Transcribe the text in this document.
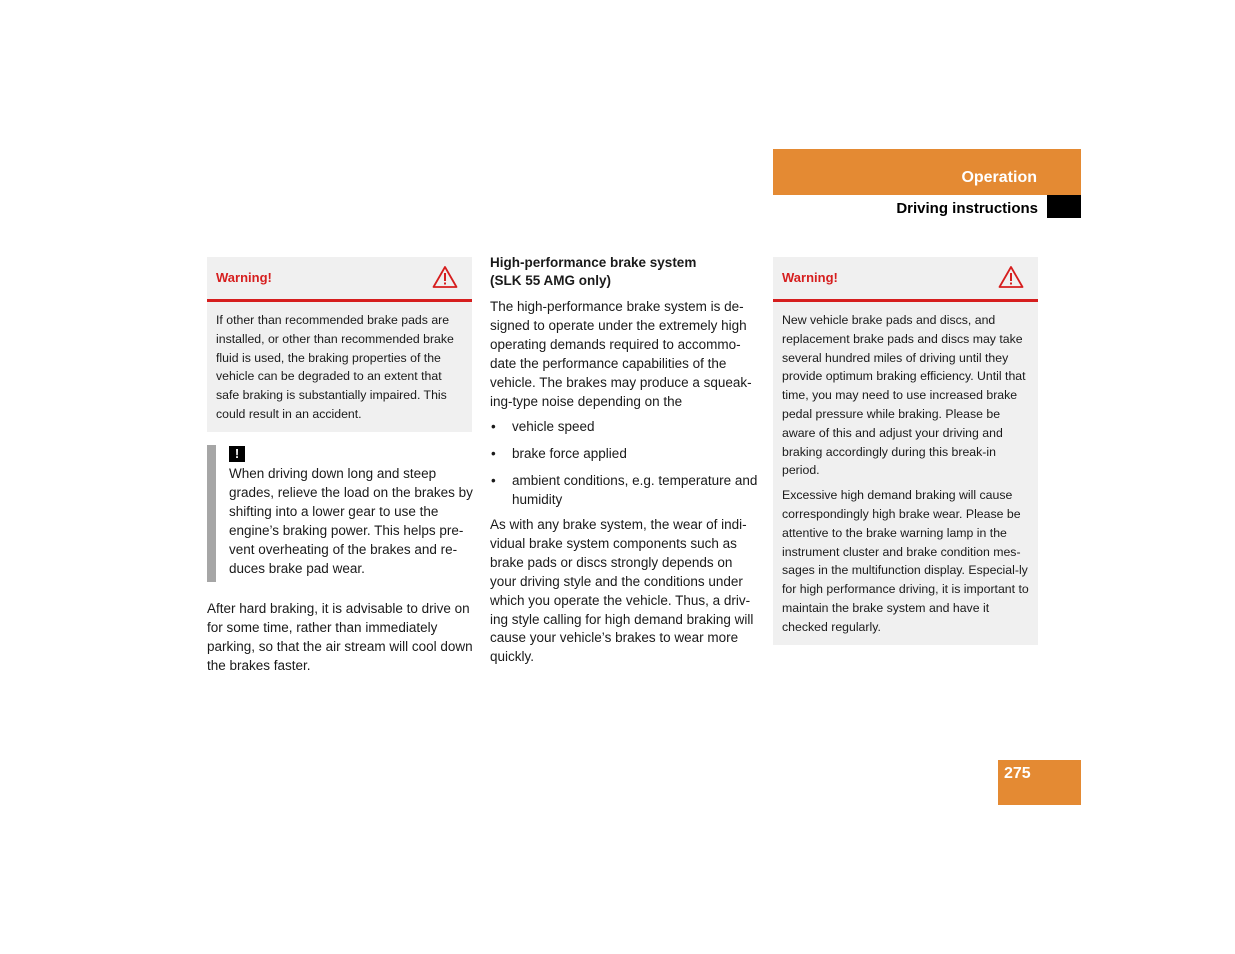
Operation
Driving instructions
Warning!

If other than recommended brake pads are installed, or other than recommended brake fluid is used, the braking properties of the vehicle can be degraded to an extent that safe braking is substantially impaired. This could result in an accident.

!
When driving down long and steep grades, relieve the load on the brakes by shifting into a lower gear to use the engine’s braking power. This helps pre-vent overheating of the brakes and re-duces brake pad wear.
After hard braking, it is advisable to drive on for some time, rather than immediately parking, so that the air stream will cool down the brakes faster.
High-performance brake system
(SLK 55 AMG only)
The high-performance brake system is de-signed to operate under the extremely high operating demands required to accommo-date the performance capabilities of the vehicle. The brakes may produce a squeak-ing-type noise depending on the
• vehicle speed
• brake force applied
• ambient conditions, e.g. temperature and humidity
As with any brake system, the wear of indi-vidual brake system components such as brake pads or discs strongly depends on your driving style and the conditions under which you operate the vehicle. Thus, a driv-ing style calling for high demand braking will cause your vehicle’s brakes to wear more quickly.
Warning!

New vehicle brake pads and discs, and replacement brake pads and discs may take several hundred miles of driving until they provide optimum braking efficiency. Until that time, you may need to use increased brake pedal pressure while braking. Please be aware of this and adjust your driving and braking accordingly during this break-in period.

Excessive high demand braking will cause correspondingly high brake wear. Please be attentive to the brake warning lamp in the instrument cluster and brake condition mes-sages in the multifunction display. Especial-ly for high performance driving, it is important to maintain the brake system and have it checked regularly.

275
